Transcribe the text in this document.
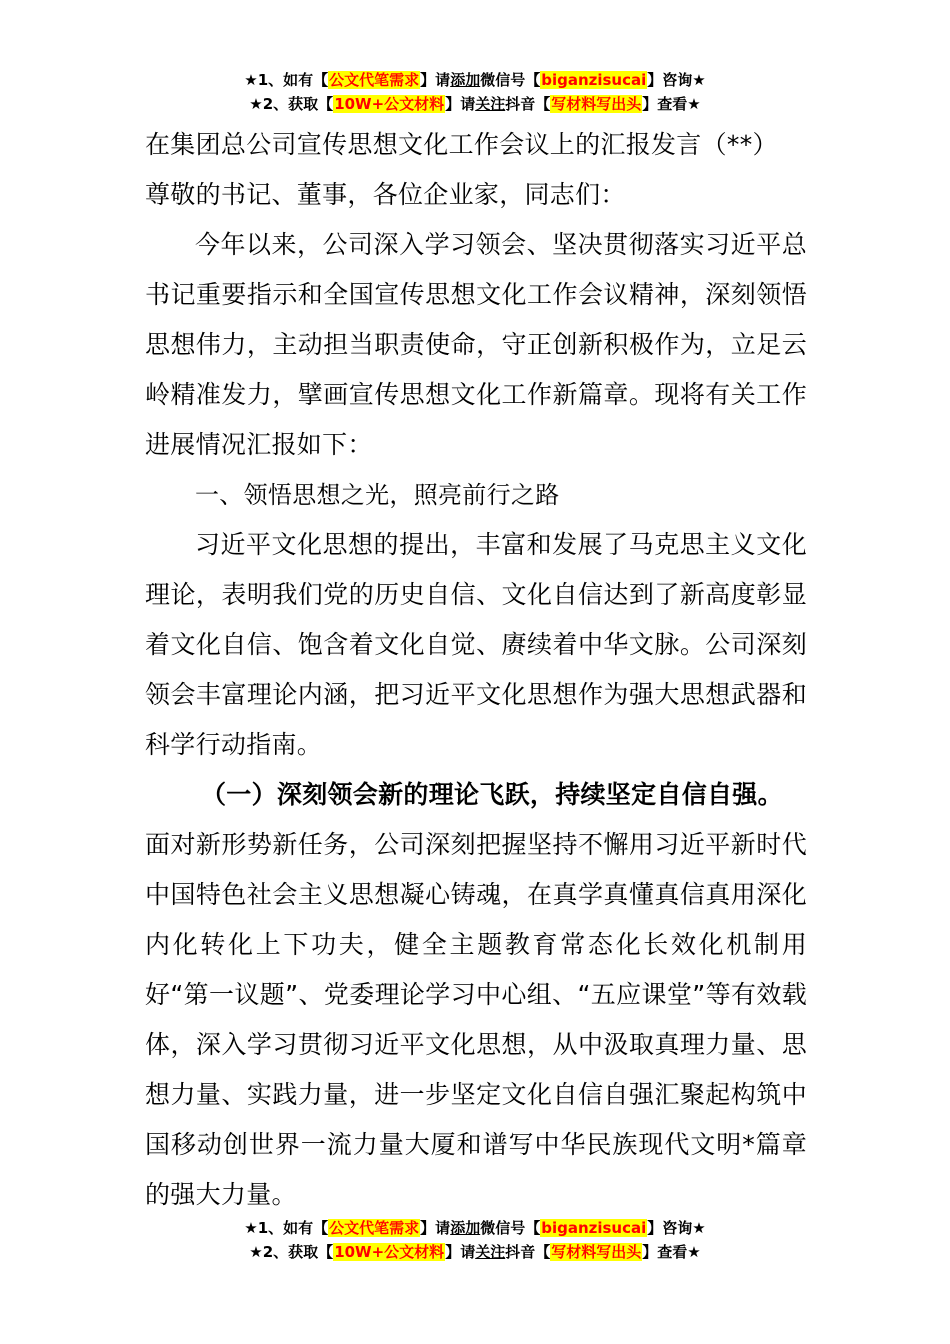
★1、如有【公文代笔需求】请添加微信号【biganzisucai】咨询★
★2、获取【10W+公文材料】请关注抖音【写材料写出头】查看★

在集团总公司宣传思想文化工作会议上的汇报发言（**）

尊敬的书记、董事，各位企业家，同志们：

今年以来，公司深入学习领会、坚决贯彻落实习近平总书记重要指示和全国宣传思想文化工作会议精神，深刻领悟思想伟力，主动担当职责使命，守正创新积极作为，立足云岭精准发力，擘画宣传思想文化工作新篇章。现将有关工作进展情况汇报如下：

一、领悟思想之光，照亮前行之路

习近平文化思想的提出，丰富和发展了马克思主义文化理论，表明我们党的历史自信、文化自信达到了新高度彰显着文化自信、饱含着文化自觉、赓续着中华文脉。公司深刻领会丰富理论内涵，把习近平文化思想作为强大思想武器和科学行动指南。

（一）深刻领会新的理论飞跃，持续坚定自信自强。

面对新形势新任务，公司深刻把握坚持不懈用习近平新时代中国特色社会主义思想凝心铸魂，在真学真懂真信真用深化内化转化上下功夫，健全主题教育常态化长效化机制用好“第一议题”、党委理论学习中心组、“五应课堂”等有效载体，深入学习贯彻习近平文化思想，从中汲取真理力量、思想力量、实践力量，进一步坚定文化自信自强汇聚起构筑中国移动创世界一流力量大厦和谱写中华民族现代文明*篇章的强大力量。

★1、如有【公文代笔需求】请添加微信号【biganzisucai】咨询★
★2、获取【10W+公文材料】请关注抖音【写材料写出头】查看★
